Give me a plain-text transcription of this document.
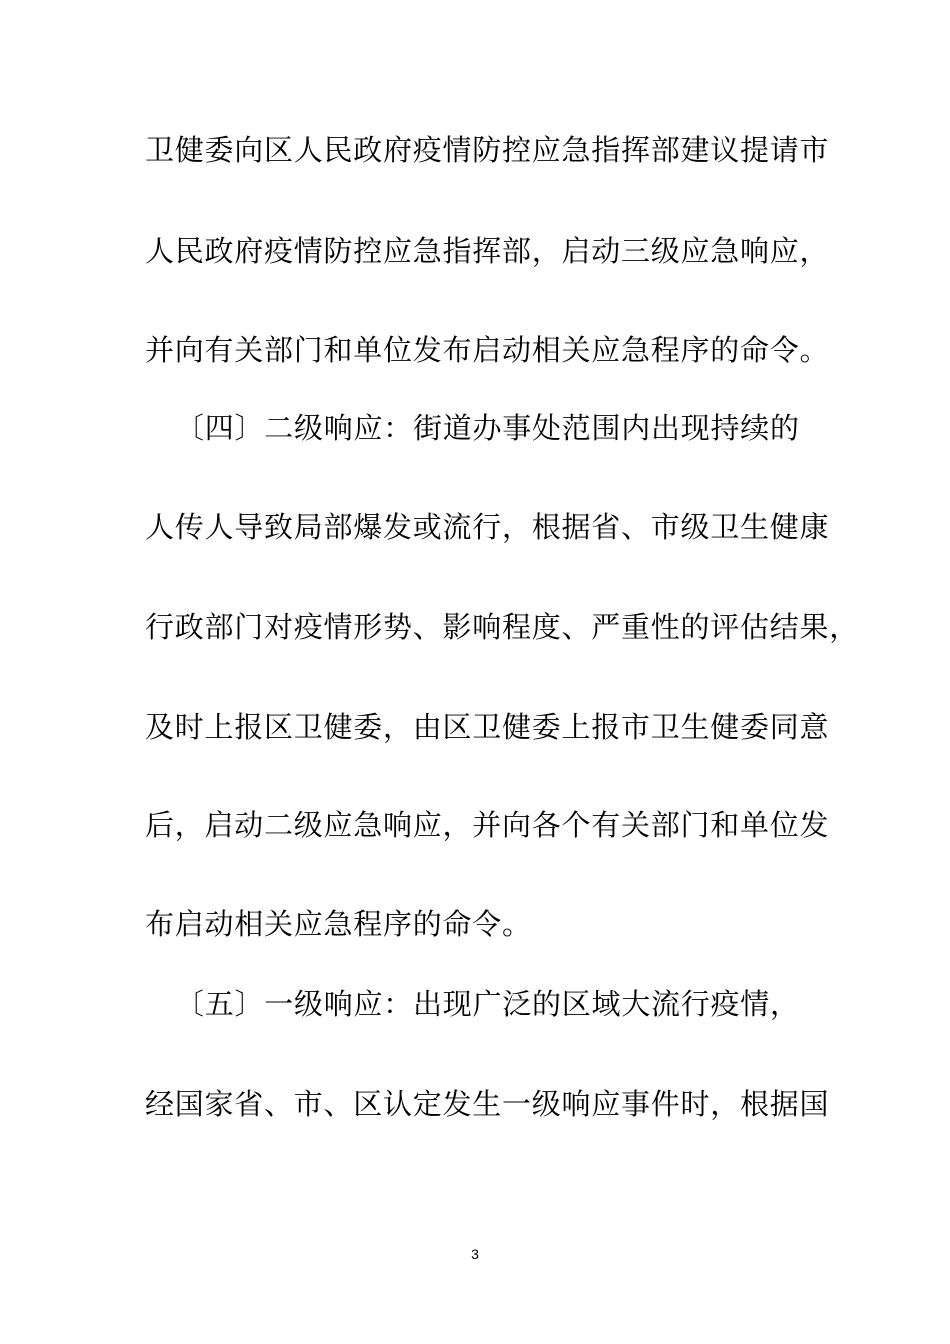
卫健委向区人民政府疫情防控应急指挥部建议提请市
人民政府疫情防控应急指挥部，启动三级应急响应，
并向有关部门和单位发布启动相关应急程序的命令。
〔四〕二级响应：街道办事处范围内出现持续的
人传人导致局部爆发或流行，根据省、市级卫生健康
行政部门对疫情形势、影响程度、严重性的评估结果，
及时上报区卫健委，由区卫健委上报市卫生健委同意
后，启动二级应急响应，并向各个有关部门和单位发
布启动相关应急程序的命令。
〔五〕一级响应：出现广泛的区域大流行疫情，
经国家省、市、区认定发生一级响应事件时，根据国
3
